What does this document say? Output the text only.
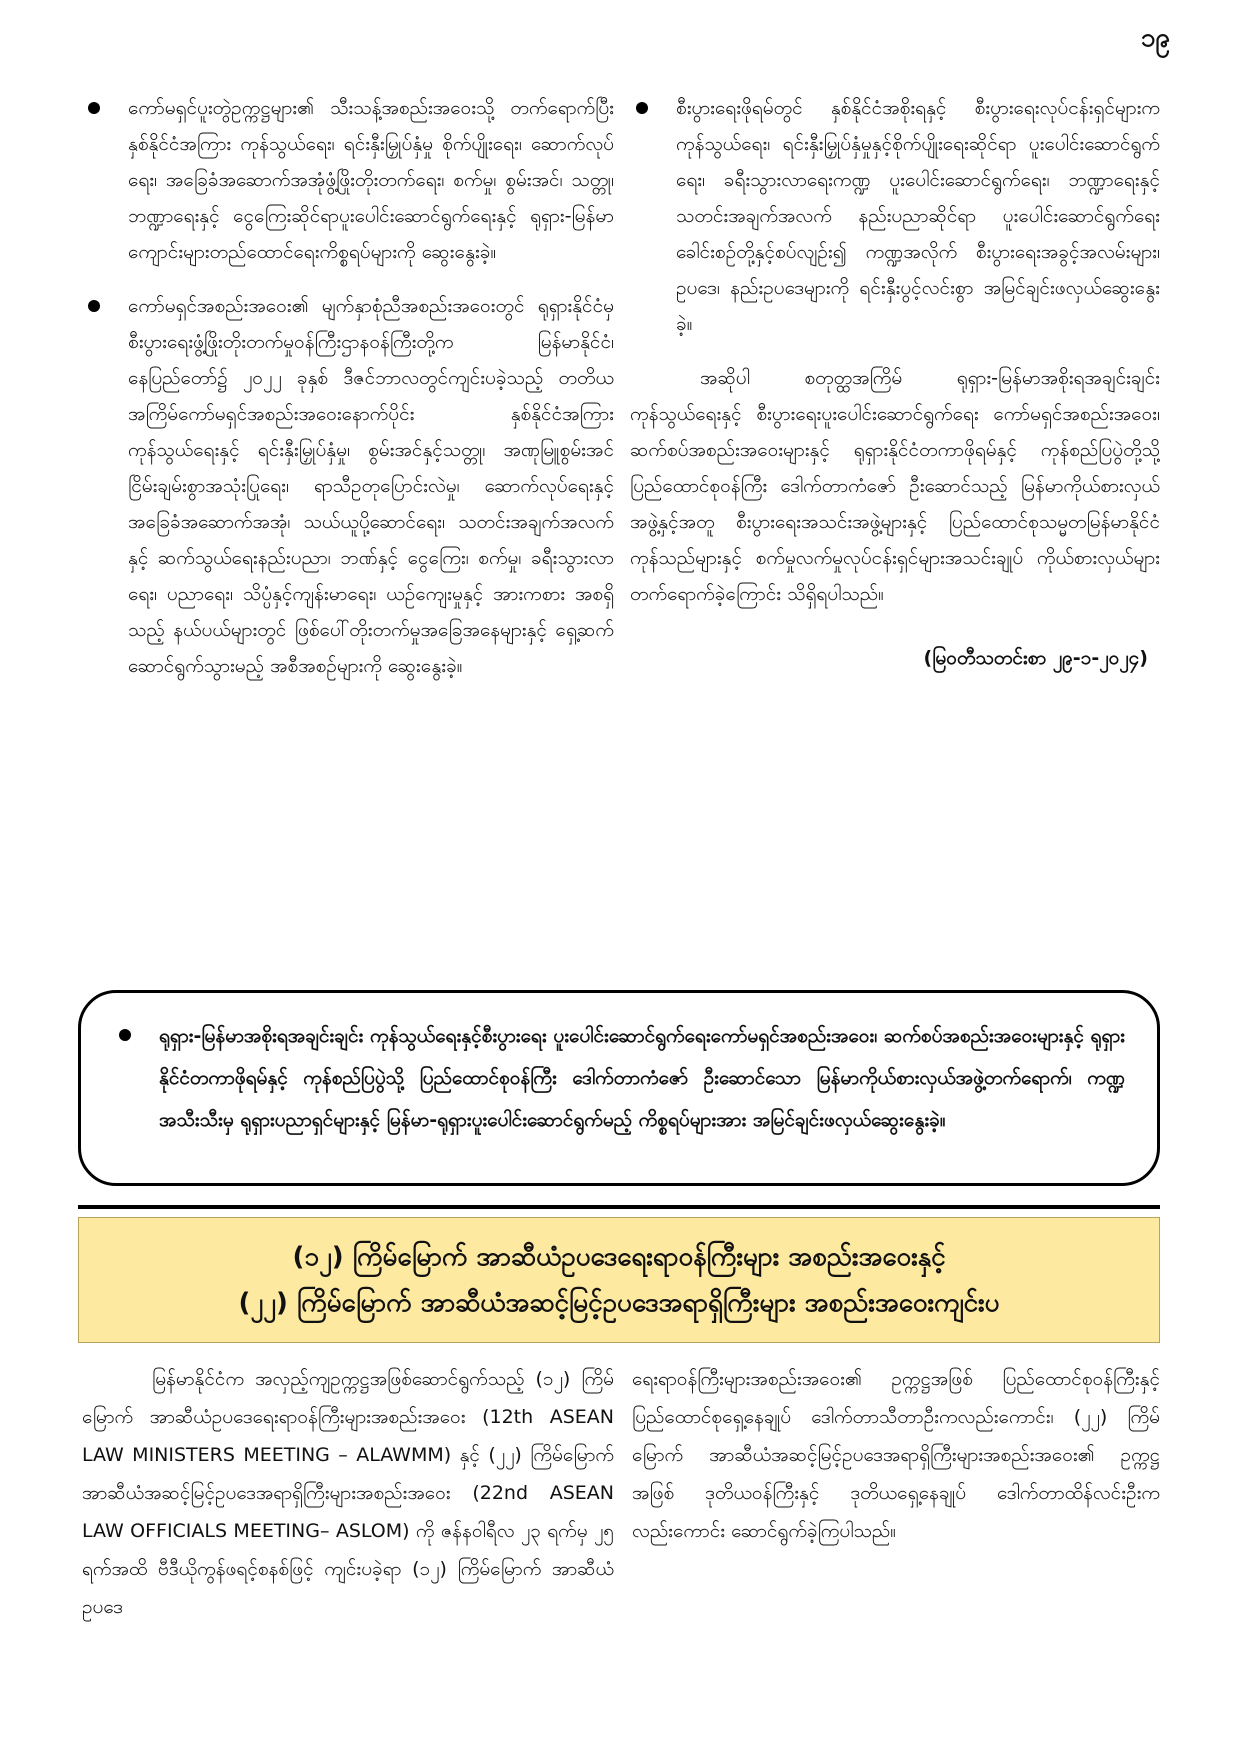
၁၉
ကော်မရှင်ပူးတွဲဥက္ကဋ္ဌများ၏ သီးသန့်အစည်းအဝေးသို့ တက်ရောက်ပြီး နှစ်နိုင်ငံအကြား ကုန်သွယ်ရေး၊ ရင်းနှီးမြှုပ်နှံမှု စိုက်ပျိုးရေး၊ ဆောက်လုပ်ရေး၊ အခြေခံအဆောက်အအုံဖွံ့ဖြိုးတိုးတက်ရေး၊ စက်မှု၊ စွမ်းအင်၊ သတ္တု၊ ဘဏ္ဍာရေးနှင့် ငွေကြေးဆိုင်ရာပူးပေါင်းဆောင်ရွက်ရေးနှင့် ရုရှား-မြန်မာကျောင်းများတည်ထောင်ရေးကိစ္စရပ်များကို ဆွေးနွေးခဲ့။
ကော်မရှင်အစည်းအဝေး၏ မျက်နှာစုံညီအစည်းအဝေးတွင် ရုရှားနိုင်ငံမှ စီးပွားရေးဖွံ့ဖြိုးတိုးတက်မှုဝန်ကြီးဌာနဝန်ကြီးတို့က မြန်မာနိုင်ငံ၊ နေပြည်တော်၌ ၂၀၂၂ ခုနှစ် ဒီဇင်ဘာလတွင်ကျင်းပခဲ့သည့် တတိယအကြိမ်ကော်မရှင်အစည်းအဝေးနောက်ပိုင်း နှစ်နိုင်ငံအကြား ကုန်သွယ်ရေးနှင့် ရင်းနှီးမြှုပ်နှံမှု၊ စွမ်းအင်နှင့်သတ္တု၊ အဏုမြူစွမ်းအင်ငြိမ်းချမ်းစွာအသုံးပြုရေး၊ ရာသီဥတုပြောင်းလဲမှု၊ ဆောက်လုပ်ရေးနှင့် အခြေခံအဆောက်အအုံ၊ သယ်ယူပို့ဆောင်ရေး၊ သတင်းအချက်အလက်နှင့် ဆက်သွယ်ရေးနည်းပညာ၊ ဘဏ်နှင့် ငွေကြေး၊ စက်မှု၊ ခရီးသွားလာရေး၊ ပညာရေး၊ သိပ္ပံနှင့်ကျန်းမာရေး၊ ယဉ်ကျေးမှုနှင့် အားကစား အစရှိသည့် နယ်ပယ်များတွင် ဖြစ်ပေါ်တိုးတက်မှုအခြေအနေများနှင့် ရှေ့ဆက်ဆောင်ရွက်သွားမည့် အစီအစဉ်များကို ဆွေးနွေးခဲ့။
စီးပွားရေးဖိုရမ်တွင် နှစ်နိုင်ငံအစိုးရနှင့် စီးပွားရေးလုပ်ငန်းရှင်များက ကုန်သွယ်ရေး၊ ရင်းနှီးမြှုပ်နှံမှုနှင့်စိုက်ပျိုးရေးဆိုင်ရာ ပူးပေါင်းဆောင်ရွက်ရေး၊ ခရီးသွားလာရေးကဏ္ဍ ပူးပေါင်းဆောင်ရွက်ရေး၊ ဘဏ္ဍာရေးနှင့်သတင်းအချက်အလက် နည်းပညာဆိုင်ရာ ပူးပေါင်းဆောင်ရွက်ရေး ခေါင်းစဉ်တို့နှင့်စပ်လျဉ်း၍ ကဏ္ဍအလိုက် စီးပွားရေးအခွင့်အလမ်းများ၊ ဥပဒေ၊ နည်းဥပဒေများကို ရင်းနှီးပွင့်လင်းစွာ အမြင်ချင်းဖလှယ်ဆွေးနွေးခဲ့။

အဆိုပါ စတုတ္ထအကြိမ် ရုရှား-မြန်မာအစိုးရအချင်းချင်း ကုန်သွယ်ရေးနှင့် စီးပွားရေးပူးပေါင်းဆောင်ရွက်ရေး ကော်မရှင်အစည်းအဝေး၊ ဆက်စပ်အစည်းအဝေးများနှင့် ရုရှားနိုင်ငံတကာဖိုရမ်နှင့် ကုန်စည်ပြပွဲတို့သို့ ပြည်ထောင်စုဝန်ကြီး ဒေါက်တာကံဇော် ဦးဆောင်သည့် မြန်မာကိုယ်စားလှယ်အဖွဲ့နှင့်အတူ စီးပွားရေးအသင်းအဖွဲ့များနှင့် ပြည်ထောင်စုသမ္မတမြန်မာနိုင်ငံကုန်သည်များနှင့် စက်မှုလက်မှုလုပ်ငန်းရှင်များအသင်းချုပ် ကိုယ်စားလှယ်များတက်ရောက်ခဲ့ကြောင်း သိရှိရပါသည်။

(မြဝတီသတင်းစာ ၂၉-၁-၂၀၂၄)
ရုရှား-မြန်မာအစိုးရအချင်းချင်း ကုန်သွယ်ရေးနှင့်စီးပွားရေး ပူးပေါင်းဆောင်ရွက်ရေးကော်မရှင်အစည်းအဝေး၊ ဆက်စပ်အစည်းအဝေးများနှင့် ရုရှားနိုင်ငံတကာဖိုရမ်နှင့် ကုန်စည်ပြပွဲသို့ ပြည်ထောင်စုဝန်ကြီး ဒေါက်တာကံဇော် ဦးဆောင်သော မြန်မာကိုယ်စားလှယ်အဖွဲ့တက်ရောက်၊ ကဏ္ဍအသီးသီးမှ ရုရှားပညာရှင်များနှင့် မြန်မာ-ရုရှားပူးပေါင်းဆောင်ရွက်မည့် ကိစ္စရပ်များအား အမြင်ချင်းဖလှယ်ဆွေးနွေးခဲ့။
(၁၂) ကြိမ်မြောက် အာဆီယံဥပဒေရေးရာဝန်ကြီးများ အစည်းအဝေးနှင့်
(၂၂) ကြိမ်မြောက် အာဆီယံအဆင့်မြင့်ဥပဒေအရာရှိကြီးများ အစည်းအဝေးကျင်းပ

မြန်မာနိုင်ငံက အလှည့်ကျဥက္ကဋ္ဌအဖြစ်ဆောင်ရွက်သည့် (၁၂) ကြိမ်မြောက် အာဆီယံဥပဒေရေးရာဝန်ကြီးများအစည်းအဝေး (12th ASEAN LAW MINISTERS MEETING – ALAWMM) နှင့် (၂၂) ကြိမ်မြောက် အာဆီယံအဆင့်မြင့်ဥပဒေအရာရှိကြီးများအစည်းအဝေး (22nd ASEAN LAW OFFICIALS MEETING– ASLOM) ကို ဇန်နဝါရီလ ၂၃ ရက်မှ ၂၅ ရက်အထိ ဗီဒီယိုကွန်ဖရင့်စနစ်ဖြင့် ကျင်းပခဲ့ရာ (၁၂) ကြိမ်မြောက် အာဆီယံဥပဒေ

ရေးရာဝန်ကြီးများအစည်းအဝေး၏ ဥက္ကဋ္ဌအဖြစ် ပြည်ထောင်စုဝန်ကြီးနှင့် ပြည်ထောင်စုရှေ့နေချုပ် ဒေါက်တာသီတာဦးကလည်းကောင်း၊ (၂၂) ကြိမ်မြောက် အာဆီယံအဆင့်မြင့်ဥပဒေအရာရှိကြီးများအစည်းအဝေး၏ ဥက္ကဋ္ဌအဖြစ် ဒုတိယဝန်ကြီးနှင့် ဒုတိယရှေ့နေချုပ် ဒေါက်တာထိန်လင်းဦးကလည်းကောင်း ဆောင်ရွက်ခဲ့ကြပါသည်။
